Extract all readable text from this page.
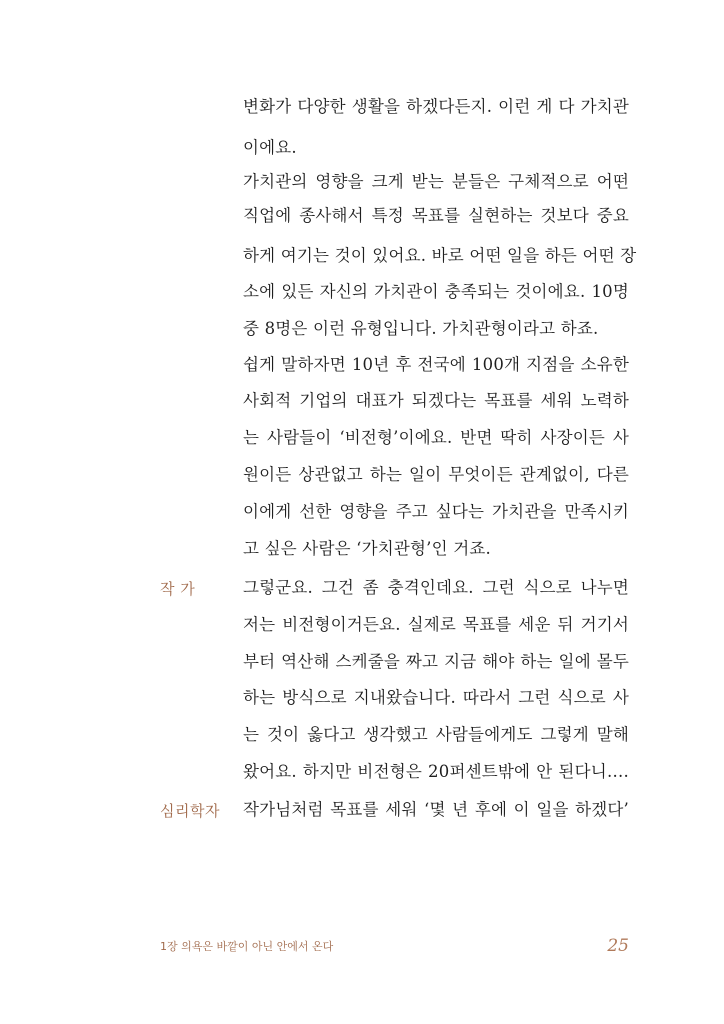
변화가 다양한 생활을 하겠다든지. 이런 게 다 가치관
이에요.
가치관의 영향을 크게 받는 분들은 구체적으로 어떤
직업에 종사해서 특정 목표를 실현하는 것보다 중요
하게 여기는 것이 있어요. 바로 어떤 일을 하든 어떤 장
소에 있든 자신의 가치관이 충족되는 것이에요. 10명
중 8명은 이런 유형입니다. 가치관형이라고 하죠.
쉽게 말하자면 10년 후 전국에 100개 지점을 소유한
사회적 기업의 대표가 되겠다는 목표를 세워 노력하
는 사람들이 ‘비전형’이에요. 반면 딱히 사장이든 사
원이든 상관없고 하는 일이 무엇이든 관계없이, 다른
이에게 선한 영향을 주고 싶다는 가치관을 만족시키
고 싶은 사람은 ‘가치관형’인 거죠.
작 가	그렇군요. 그건 좀 충격인데요. 그런 식으로 나누면
저는 비전형이거든요. 실제로 목표를 세운 뒤 거기서
부터 역산해 스케줄을 짜고 지금 해야 하는 일에 몰두
하는 방식으로 지내왔습니다. 따라서 그런 식으로 사
는 것이 옳다고 생각했고 사람들에게도 그렇게 말해
왔어요. 하지만 비전형은 20퍼센트밖에 안 된다니….
심리학자 작가님처럼 목표를 세워 ‘몇 년 후에 이 일을 하겠다’
1장 의욕은 바깥이 아닌 안에서 온다	25
